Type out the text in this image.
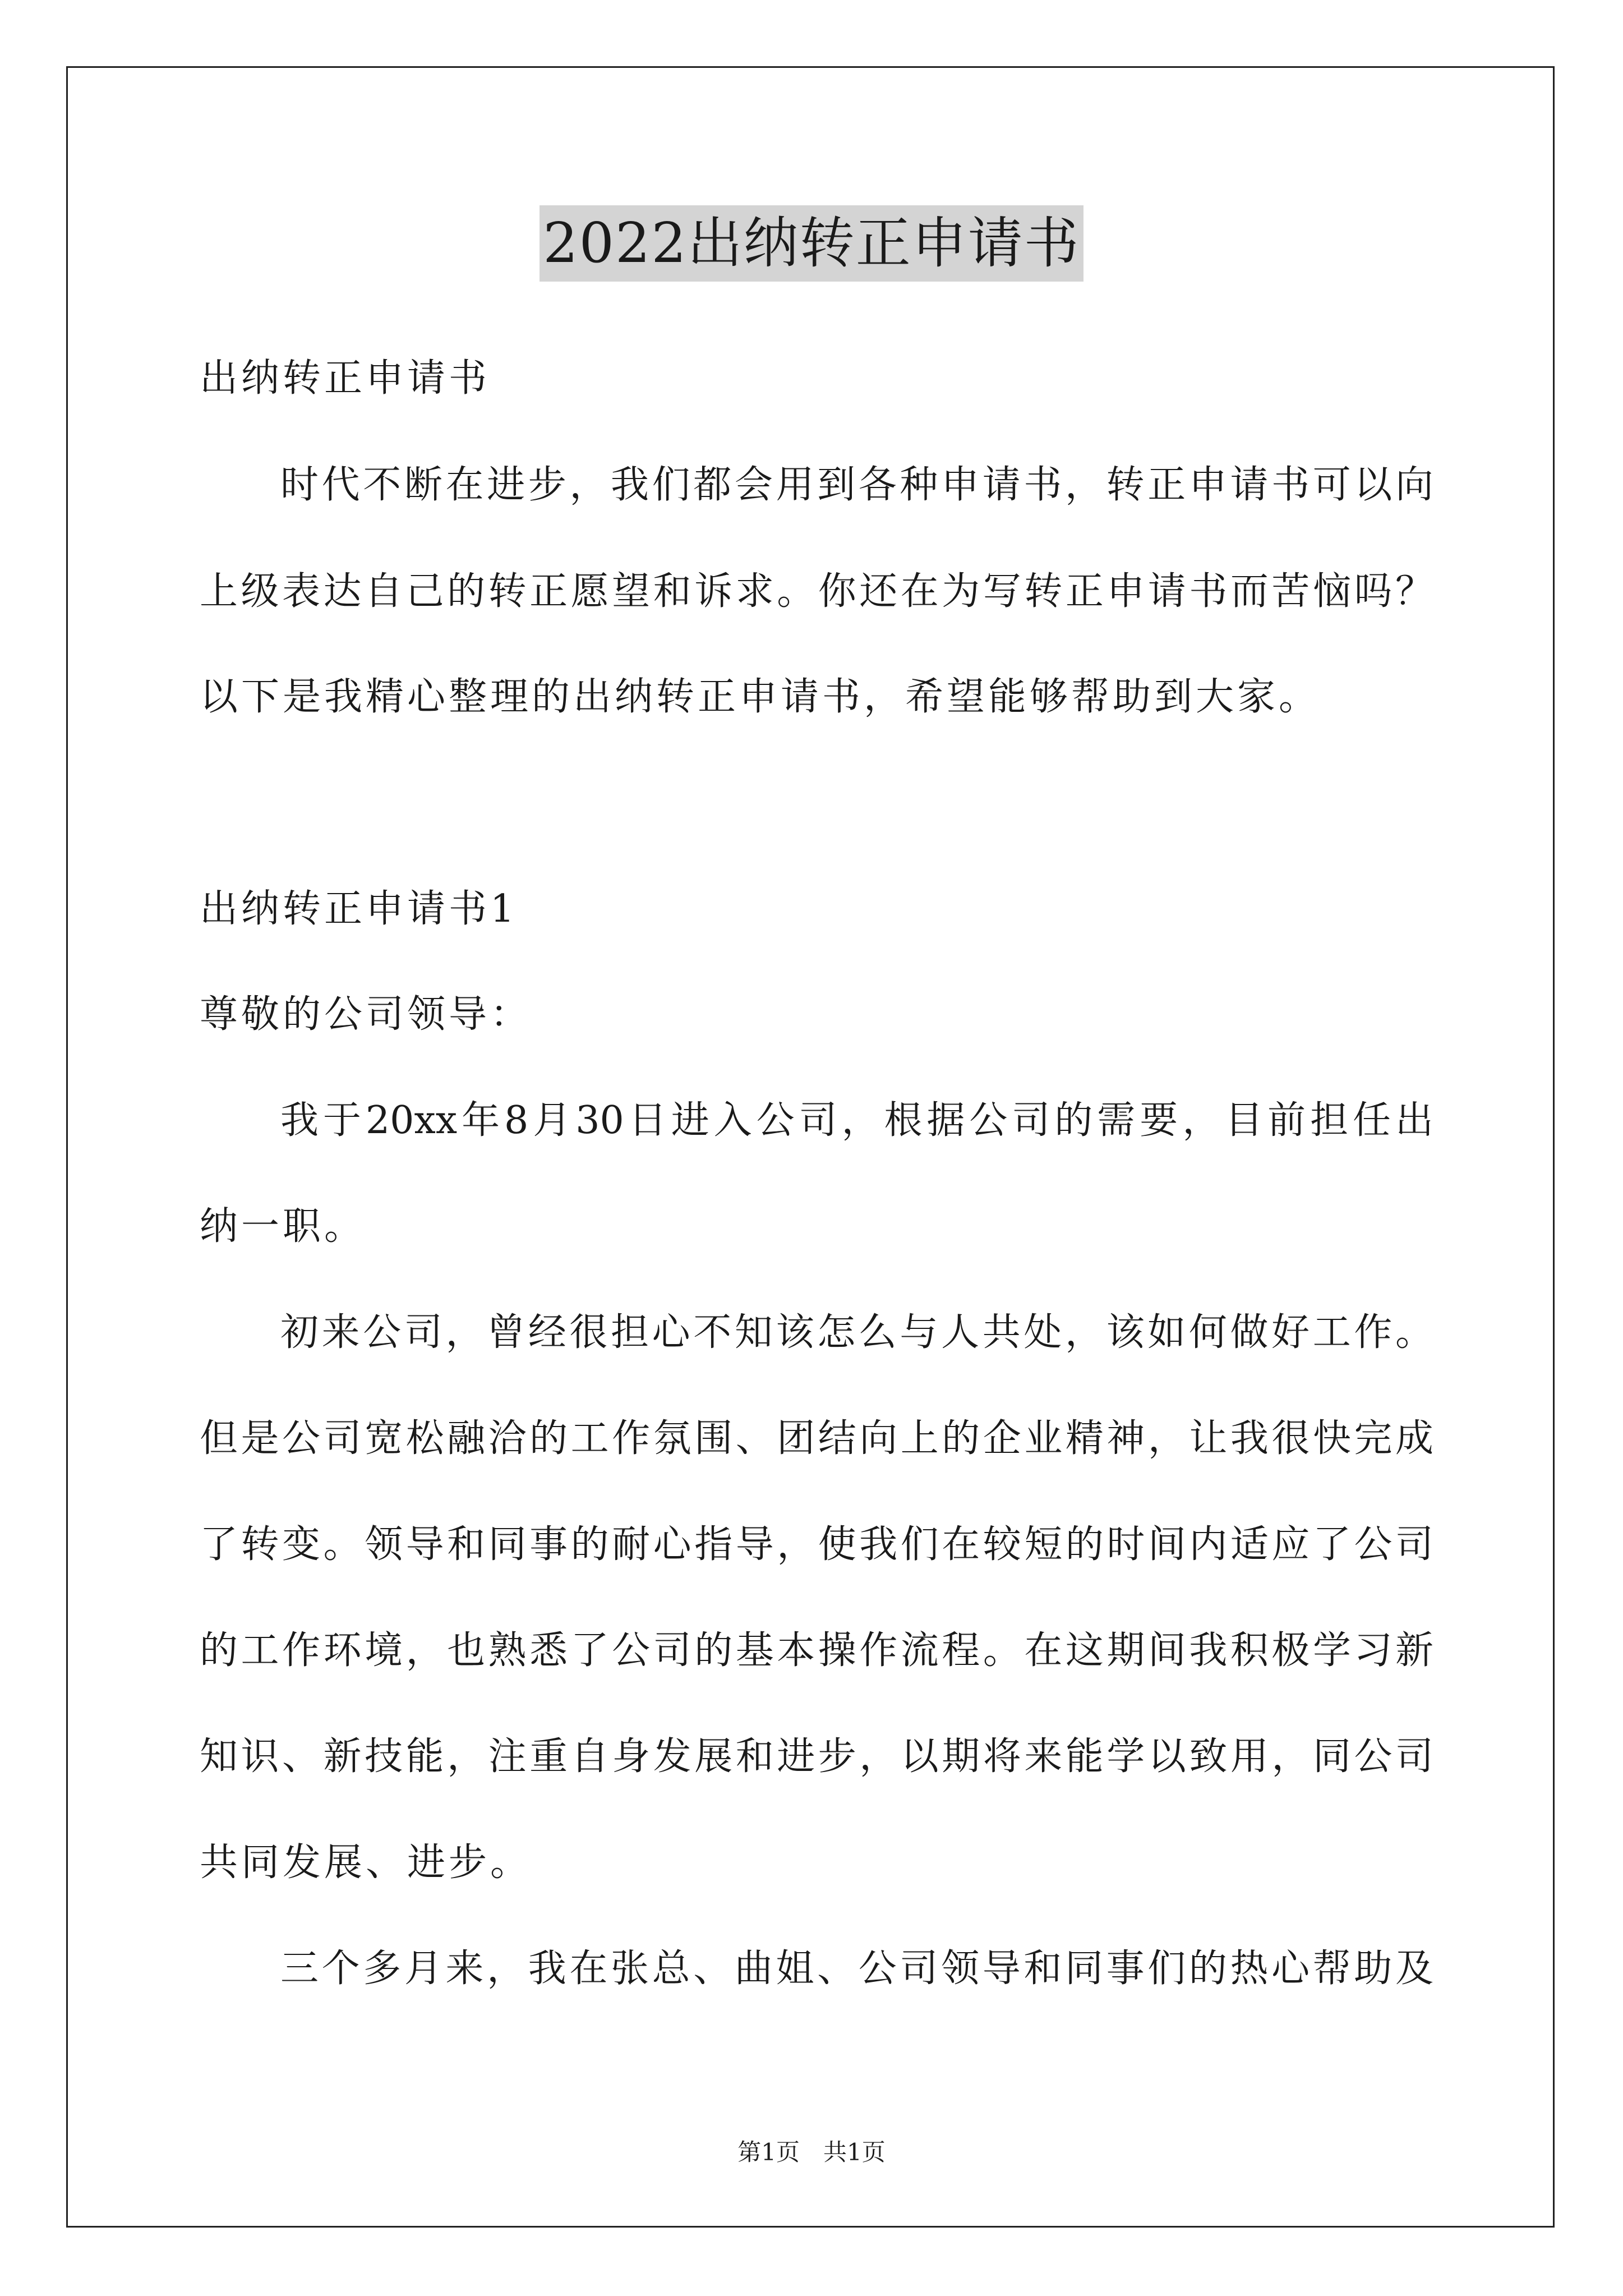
2022出纳转正申请书
出纳转正申请书
时代不断在进步，我们都会用到各种申请书，转正申请书可以向
上级表达自己的转正愿望和诉求。你还在为写转正申请书而苦恼吗？
以下是我精心整理的出纳转正申请书，希望能够帮助到大家。
出纳转正申请书1
尊敬的公司领导：
我于20xx年8月30日进入公司，根据公司的需要，目前担任出
纳一职。
初来公司，曾经很担心不知该怎么与人共处，该如何做好工作。
但是公司宽松融洽的工作氛围、团结向上的企业精神，让我很快完成
了转变。领导和同事的耐心指导，使我们在较短的时间内适应了公司
的工作环境，也熟悉了公司的基本操作流程。在这期间我积极学习新
知识、新技能，注重自身发展和进步，以期将来能学以致用，同公司
共同发展、进步。
三个多月来，我在张总、曲姐、公司领导和同事们的热心帮助及
第1页　共1页
